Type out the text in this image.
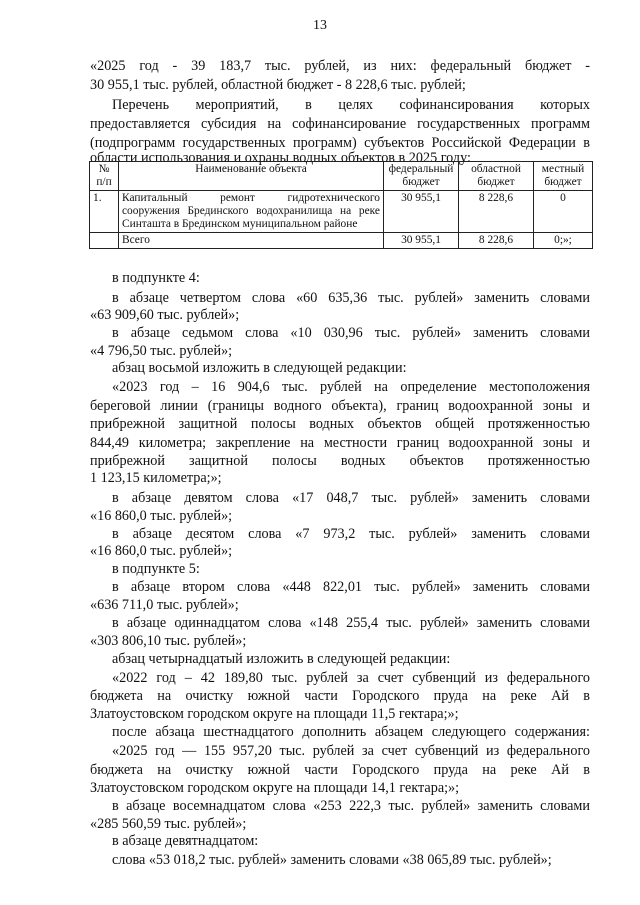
13

«2025 год - 39 183,7 тыс. рублей, из них: федеральный бюджет -

30 955,1 тыс. рублей, областной бюджет - 8 228,6 тыс. рублей;

Перечень мероприятий, в целях софинансирования которых

предоставляется субсидия на софинансирование государственных программ

(подпрограмм государственных программ) субъектов Российской Федерации в

области использования и охраны водных объектов в 2025 году:

№ п/п	Наименование объекта	федеральный бюджет	областной бюджет	местный бюджет
1.	Капитальный ремонт гидротехнического сооружения Брединского водохранилища на реке Синташта в Брединском муниципальном районе	30 955,1	8 228,6	0
	Всего	30 955,1	8 228,6	0;»;

в подпункте 4:

в абзаце четвертом слова «60 635,36 тыс. рублей» заменить словами

«63 909,60 тыс. рублей»;

в абзаце седьмом слова «10 030,96 тыс. рублей» заменить словами

«4 796,50 тыс. рублей»;

абзац восьмой изложить в следующей редакции:

«2023 год – 16 904,6 тыс. рублей на определение местоположения

береговой линии (границы водного объекта), границ водоохранной зоны и

прибрежной защитной полосы водных объектов общей протяженностью

844,49 километра; закрепление на местности границ водоохранной зоны и

прибрежной защитной полосы водных объектов протяженностью

1 123,15 километра;»;

в абзаце девятом слова «17 048,7 тыс. рублей» заменить словами

«16 860,0 тыс. рублей»;

в абзаце десятом слова «7 973,2 тыс. рублей» заменить словами

«16 860,0 тыс. рублей»;

в подпункте 5:

в абзаце втором слова «448 822,01 тыс. рублей» заменить словами

«636 711,0 тыс. рублей»;

в абзаце одиннадцатом слова «148 255,4 тыс. рублей» заменить словами

«303 806,10 тыс. рублей»;

абзац четырнадцатый изложить в следующей редакции:

«2022 год – 42 189,80 тыс. рублей за счет субвенций из федерального

бюджета на очистку южной части Городского пруда на реке Ай в

Златоустовском городском округе на площади 11,5 гектара;»;

после абзаца шестнадцатого дополнить абзацем следующего содержания:

«2025 год — 155 957,20 тыс. рублей за счет субвенций из федерального

бюджета на очистку южной части Городского пруда на реке Ай в

Златоустовском городском округе на площади 14,1 гектара;»;

в абзаце восемнадцатом слова «253 222,3 тыс. рублей» заменить словами

«285 560,59 тыс. рублей»;

в абзаце девятнадцатом:

слова «53 018,2 тыс. рублей» заменить словами «38 065,89 тыс. рублей»;
